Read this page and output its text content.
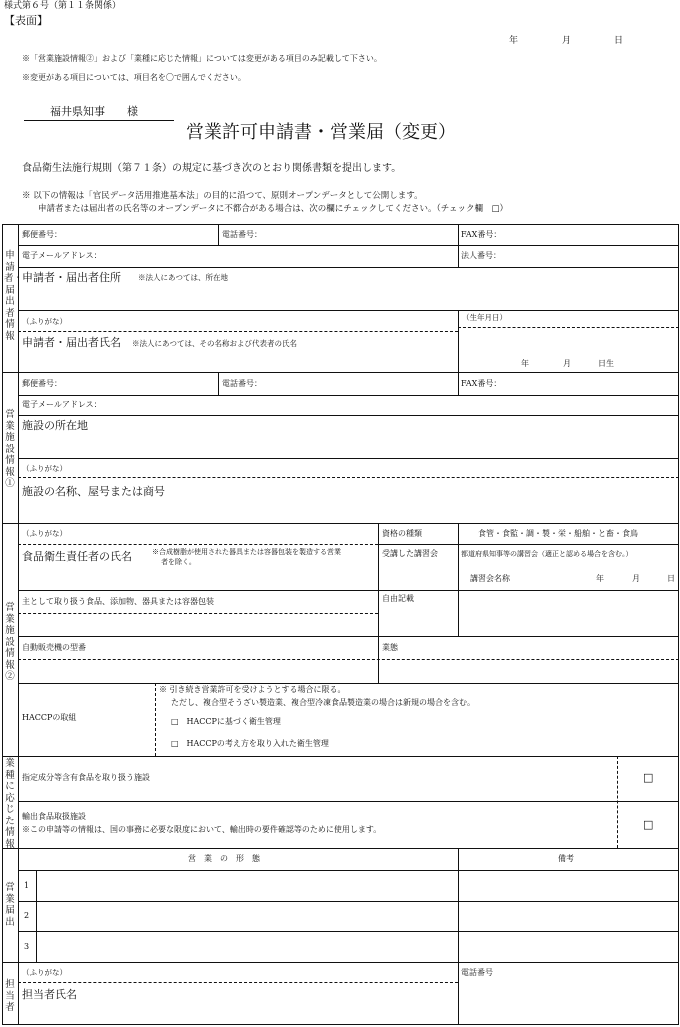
様式第６号（第１１条関係）
【表面】
年	月	日
※「営業施設情報②」および「業種に応じた情報」については変更がある項目のみ記載して下さい。
※変更がある項目については、項目名を〇で囲んでください。
福井県知事　　様
営業許可申請書・営業届（変更）
食品衛生法施行規則（第７１条）の規定に基づき次のとおり関係書類を提出します。
※ 以下の情報は「官民データ活用推進基本法」の目的に沿つて、原則オープンデータとして公開します。
申請者または届出者の氏名等のオープンデータに不都合がある場合は、次の欄にチェックしてください。（チェック欄　□）
申請者・届出者情報
営業施設情報①
営業施設情報②
業種に応じた情報
営業届出
担当者
郵便番号：	電話番号：	FAX番号：
電子メールアドレス：	法人番号：
申請者・届出者住所 ※法人にあつては、所在地
（ふりがな）
申請者・届出者氏名 ※法人にあつては、その名称および代表者の氏名
（生年月日）
年	月	日生
郵便番号：	電話番号：	FAX番号：
電子メールアドレス：
施設の所在地
（ふりがな）
施設の名称、屋号または商号
（ふりがな）
食品衛生責任者の氏名	※合成樹脂が使用された器具または容器包装を製造する営業
者を除く。
資格の種類	食管・食監・調・製・栄・船舶・と畜・食鳥
受講した講習会	都道府県知事等の講習会（適正と認める場合を含む。）
講習会名称	年	月	日
主として取り扱う食品、添加物、器具または容器包装	自由記載
自動販売機の型番	業態
HACCPの取組
※ 引き続き営業許可を受けようとする場合に限る。
ただし、複合型そうざい製造業、複合型冷凍食品製造業の場合は新規の場合を含む。
□　HACCPに基づく衛生管理
□　HACCPの考え方を取り入れた衛生管理
指定成分等含有食品を取り扱う施設	□
輸出食品取扱施設
※この申請等の情報は、国の事務に必要な限度において、輸出時の要件確認等のために使用します。	□
営　業　の　形　態	備考
1
2
3
（ふりがな）
担当者氏名
電話番号
